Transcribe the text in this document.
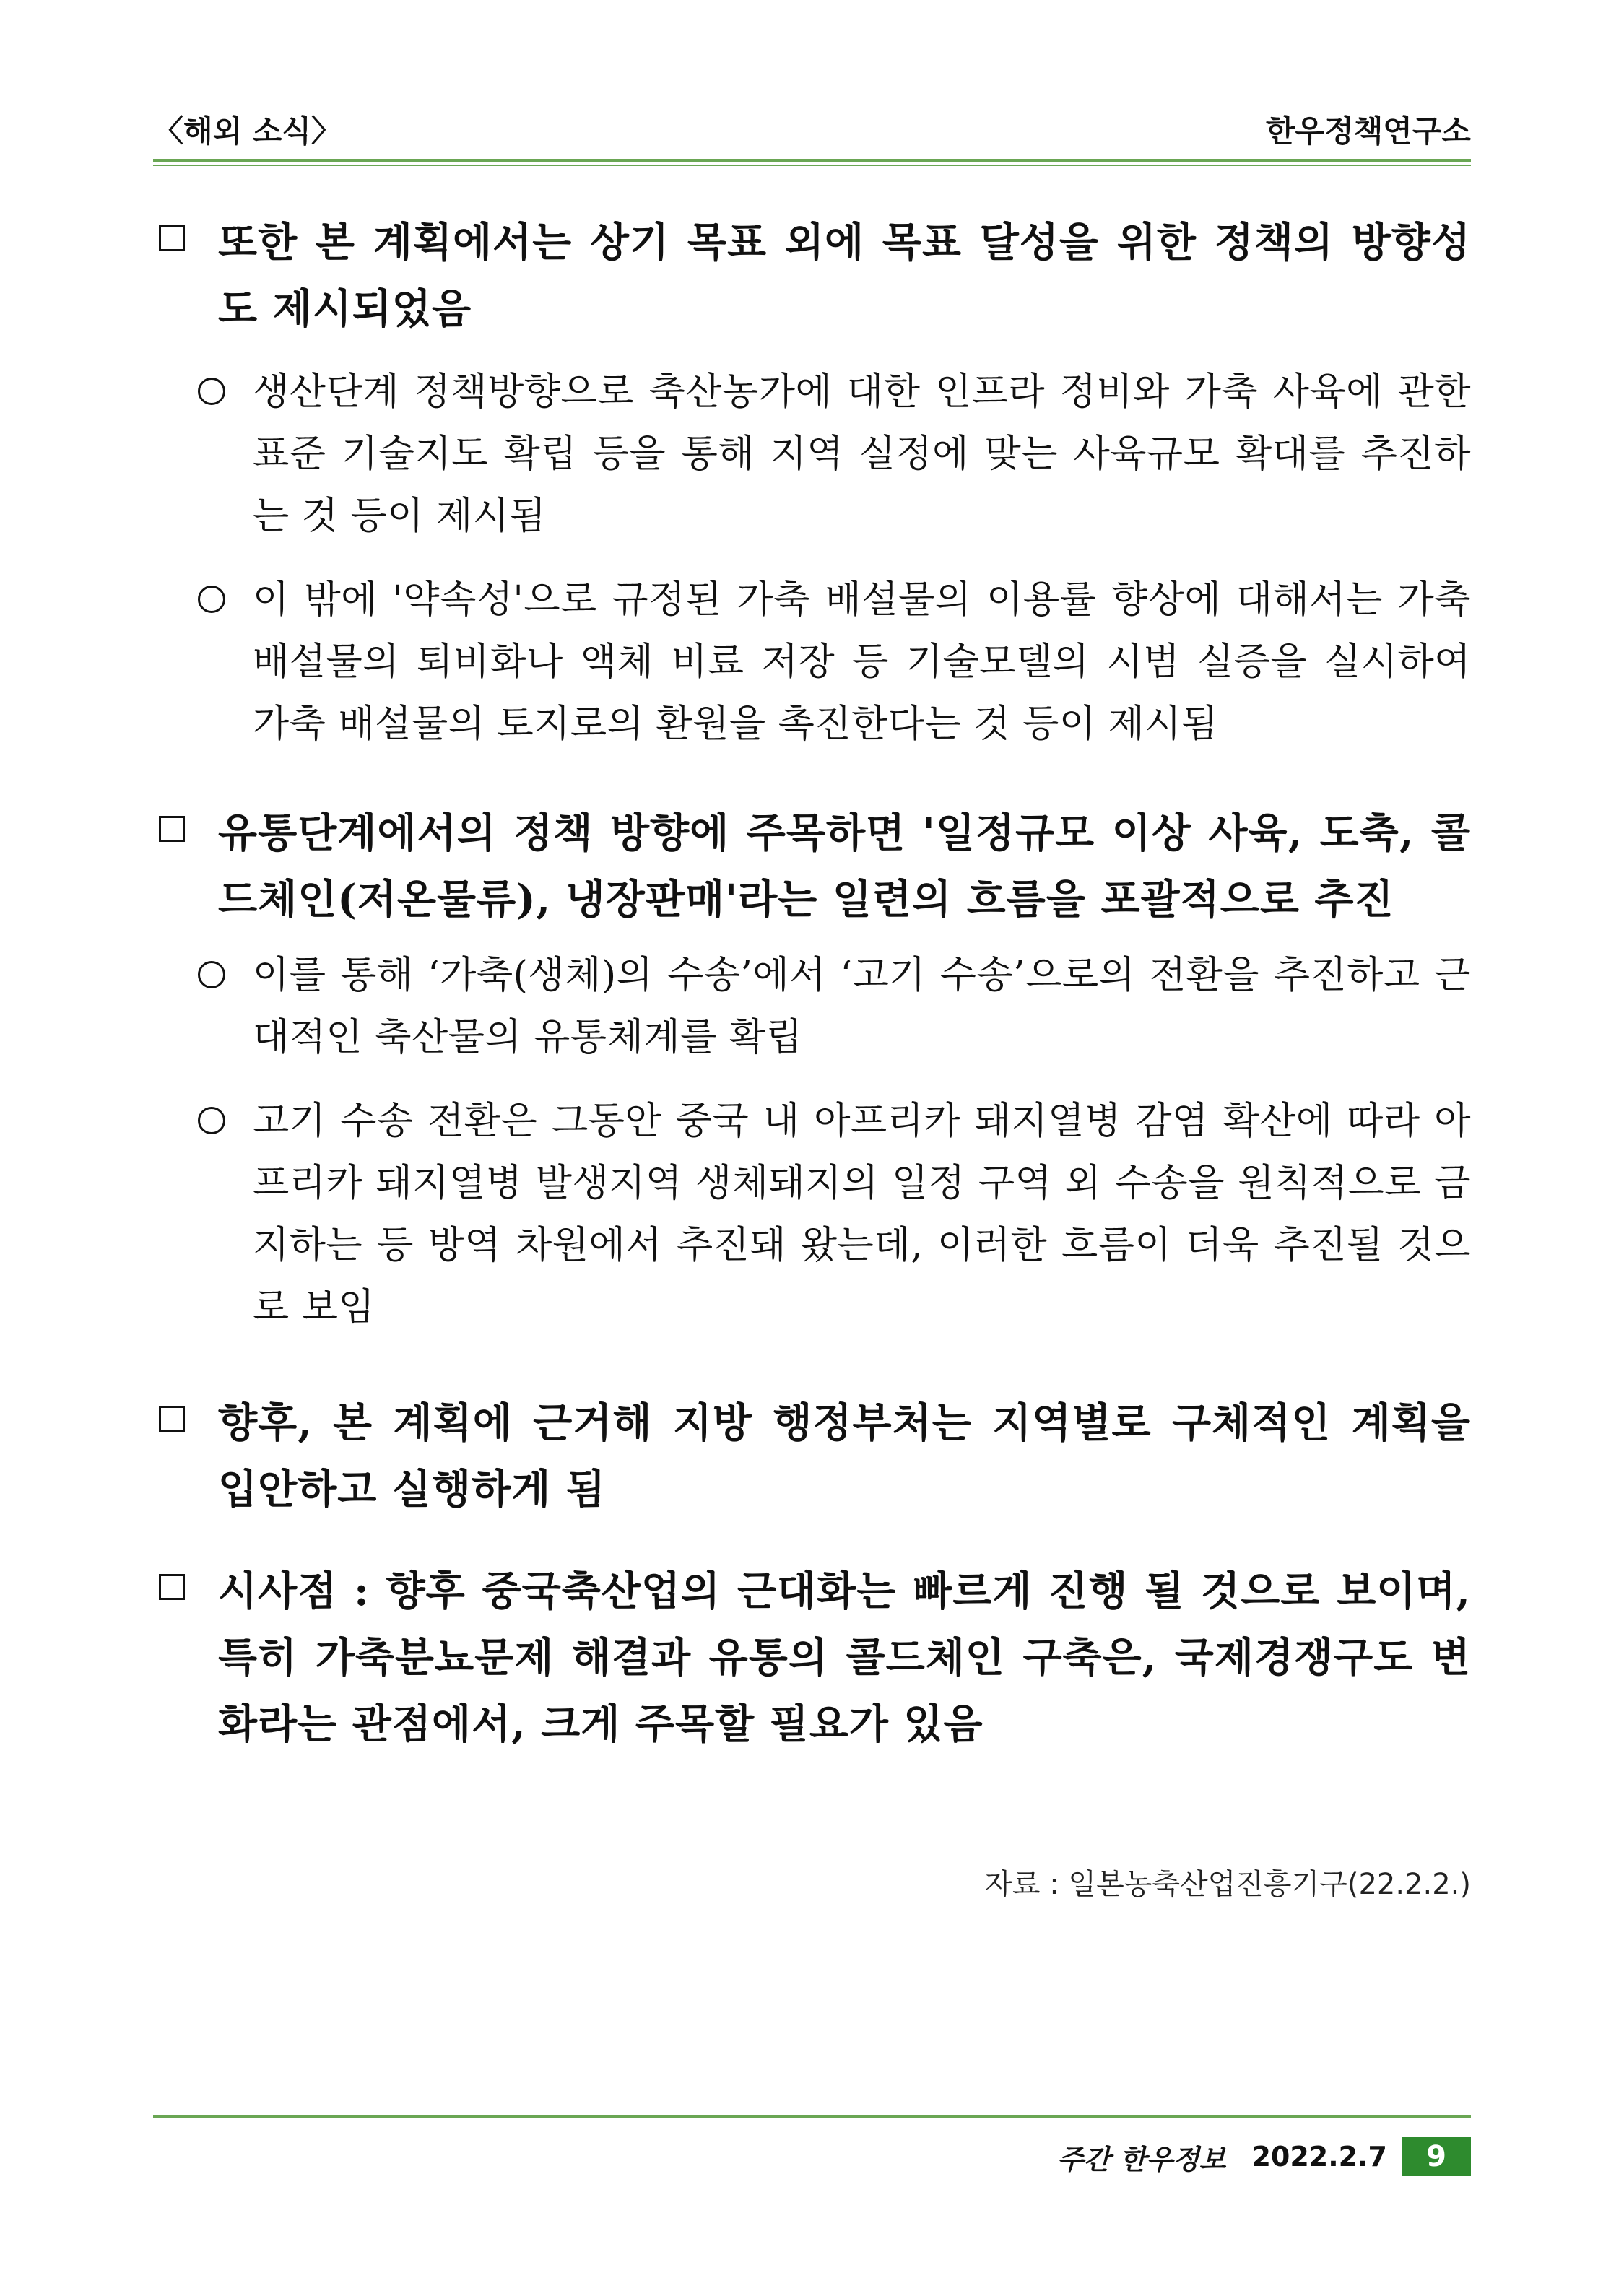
〈해외 소식〉	한우정책연구소
또한 본 계획에서는 상기 목표 외에 목표 달성을 위한 정책의 방향성도 제시되었음
생산단계 정책방향으로 축산농가에 대한 인프라 정비와 가축 사육에 관한 표준 기술지도 확립 등을 통해 지역 실정에 맞는 사육규모 확대를 추진하는 것 등이 제시됨
이 밖에 '약속성'으로 규정된 가축 배설물의 이용률 향상에 대해서는 가축 배설물의 퇴비화나 액체 비료 저장 등 기술모델의 시범 실증을 실시하여 가축 배설물의 토지로의 환원을 촉진한다는 것 등이 제시됨
유통단계에서의 정책 방향에 주목하면 '일정규모 이상 사육, 도축, 콜드체인(저온물류), 냉장판매'라는 일련의 흐름을 포괄적으로 추진
이를 통해 ‘가축(생체)의 수송’에서 ‘고기 수송’으로의 전환을 추진하고 근대적인 축산물의 유통체계를 확립
고기 수송 전환은 그동안 중국 내 아프리카 돼지열병 감염 확산에 따라 아프리카 돼지열병 발생지역 생체돼지의 일정 구역 외 수송을 원칙적으로 금지하는 등 방역 차원에서 추진돼 왔는데, 이러한 흐름이 더욱 추진될 것으로 보임
향후, 본 계획에 근거해 지방 행정부처는 지역별로 구체적인 계획을 입안하고 실행하게 됨
시사점 : 향후 중국축산업의 근대화는 빠르게 진행 될 것으로 보이며, 특히 가축분뇨문제 해결과 유통의 콜드체인 구축은, 국제경쟁구도 변화라는 관점에서, 크게 주목할 필요가 있음
자료 : 일본농축산업진흥기구(22.2.2.)
주간 한우정보 2022.2.7	9
